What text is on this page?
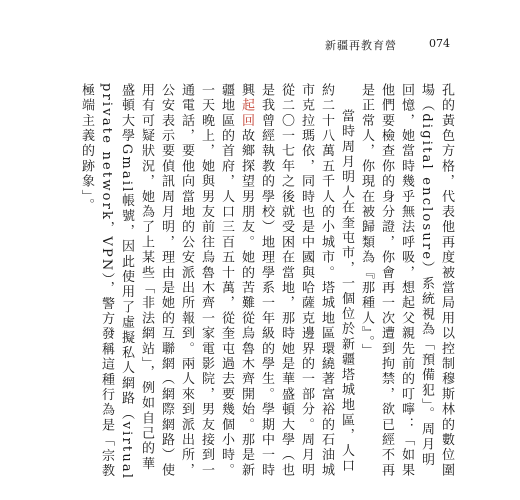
新疆再教育營	074

孔的黃色方格，代表他再度被當局用以控制穆斯林的數位圍場（digital enclosure）系統視為「預備犯」。周月明回憶，她當時幾乎無法呼吸，想起父親先前的叮嚀：「如果他們要檢查你的身分證，你會再一次遭到拘禁，欲已經不再是正常人，你現在被歸類為『那種人』。」

當時周月明人在奎屯市，一個位於新疆塔城地區，人口約二十八萬五千人的小城市。塔城地區環繞著富裕的石油城市克拉瑪依，同時也是中國與哈薩克邊界的一部分。周月明從二〇一七年之後就受困在當地，那時她是華盛頓大學（也是我曾經執教的學校）地理學系一年級的學生。學期中一時興起回故鄉探望男朋友。她的苦難從烏魯木齊開始。那是新疆地區的首府，人口三百五十萬，從奎屯過去要幾個小時。一天晚上，她與男友前往烏魯木齊一家電影院，男友接到一通電話，要他向當地的公安派出所報到。兩人來到派出所，公安表示要偵訊周月明，理由是她的互聯網（網際網路）使用有可疑狀況，她為了上某些「非法網站」，例如自己的華盛頓大學Gmail帳號，因此使用了虛擬私人網路（virtual private network，VPN），警方發稱這種行為是「宗教極端主義的跡象」。
